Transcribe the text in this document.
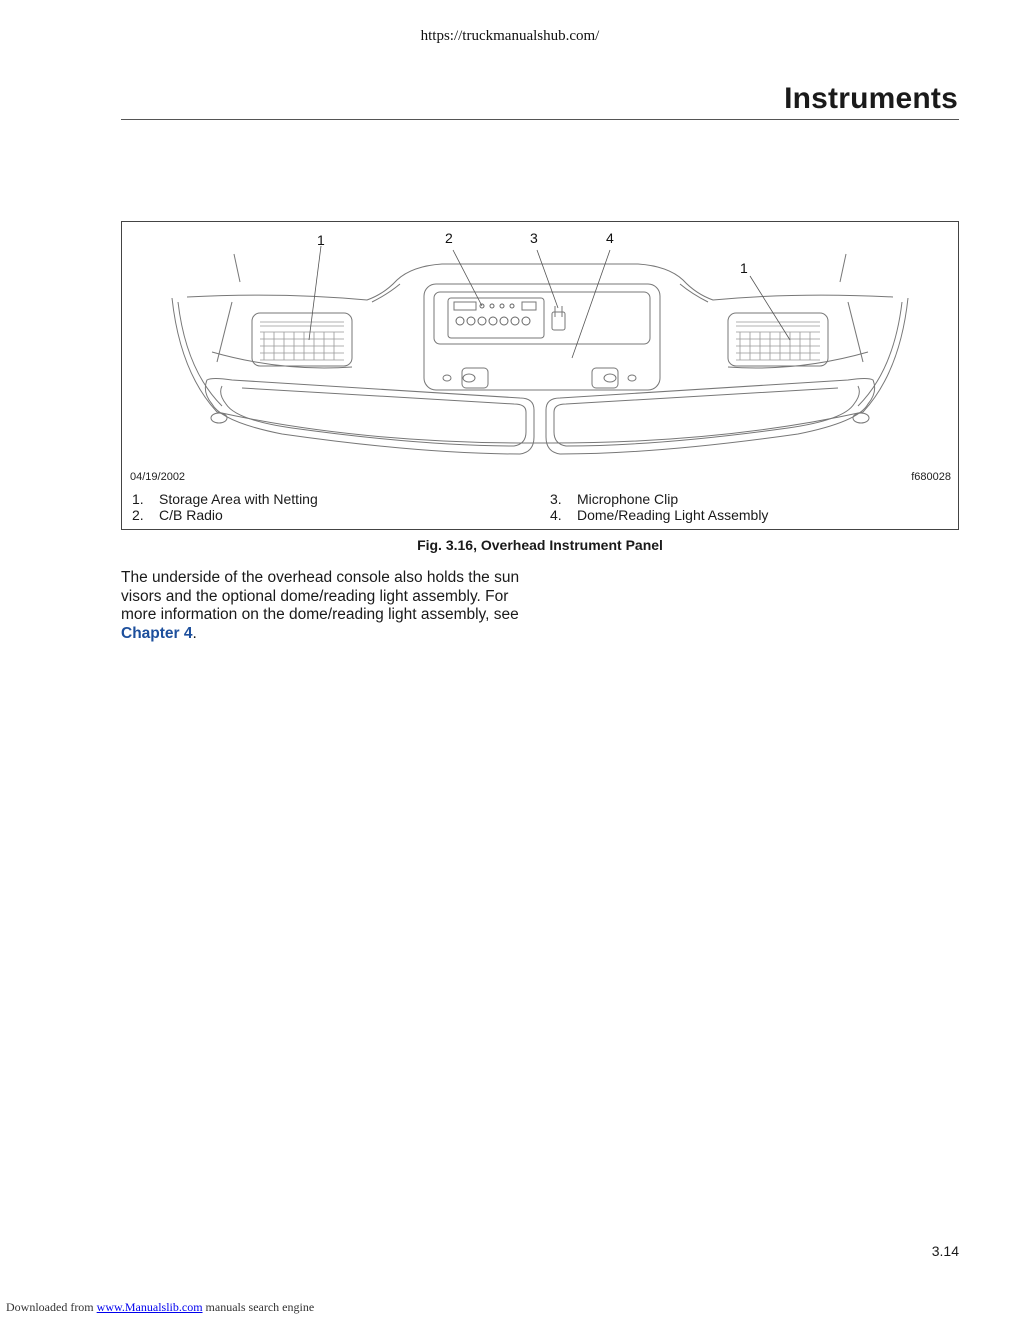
https://truckmanualshub.com/
Instruments
1	2	3	4
1
04/19/2002	f680028
1. Storage Area with Netting
2. C/B Radio
3. Microphone Clip
4. Dome/Reading Light Assembly
Fig. 3.16, Overhead Instrument Panel
The underside of the overhead console also holds the sun visors and the optional dome/reading light assembly. For more information on the dome/reading light assembly, see Chapter 4.
3.14
Downloaded from www.Manualslib.com manuals search engine
